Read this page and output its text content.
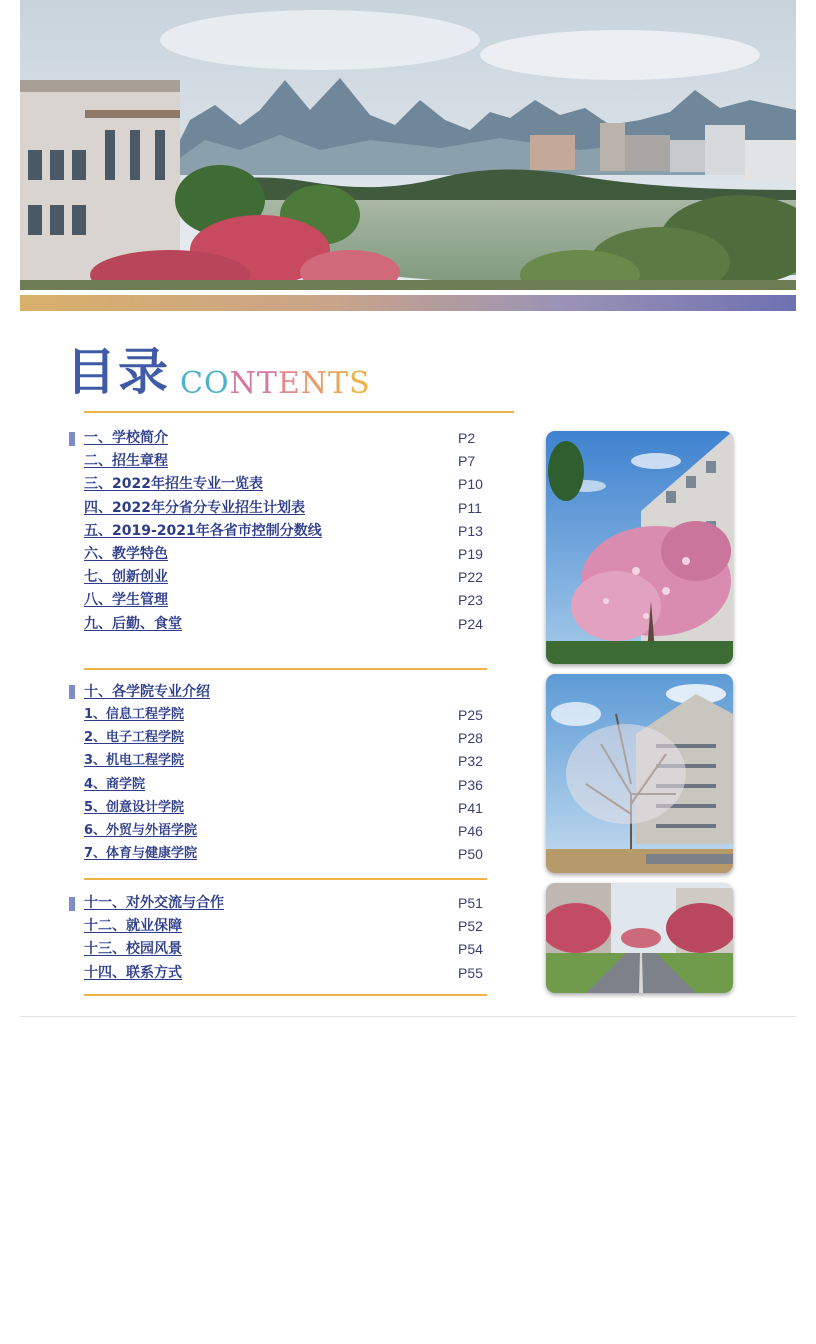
目录 CONTENTS
一、学校简介	P2
二、招生章程	P7
三、2022年招生专业一览表	P10
四、2022年分省分专业招生计划表	P11
五、2019-2021年各省市控制分数线	P13
六、教学特色	P19
七、创新创业	P22
八、学生管理	P23
九、后勤、食堂	P24
十、各学院专业介绍
1、信息工程学院	P25
2、电子工程学院	P28
3、机电工程学院	P32
4、商学院	P36
5、创意设计学院	P41
6、外贸与外语学院	P46
7、体育与健康学院	P50
十一、对外交流与合作	P51
十二、就业保障	P52
十三、校园风景	P54
十四、联系方式	P55
